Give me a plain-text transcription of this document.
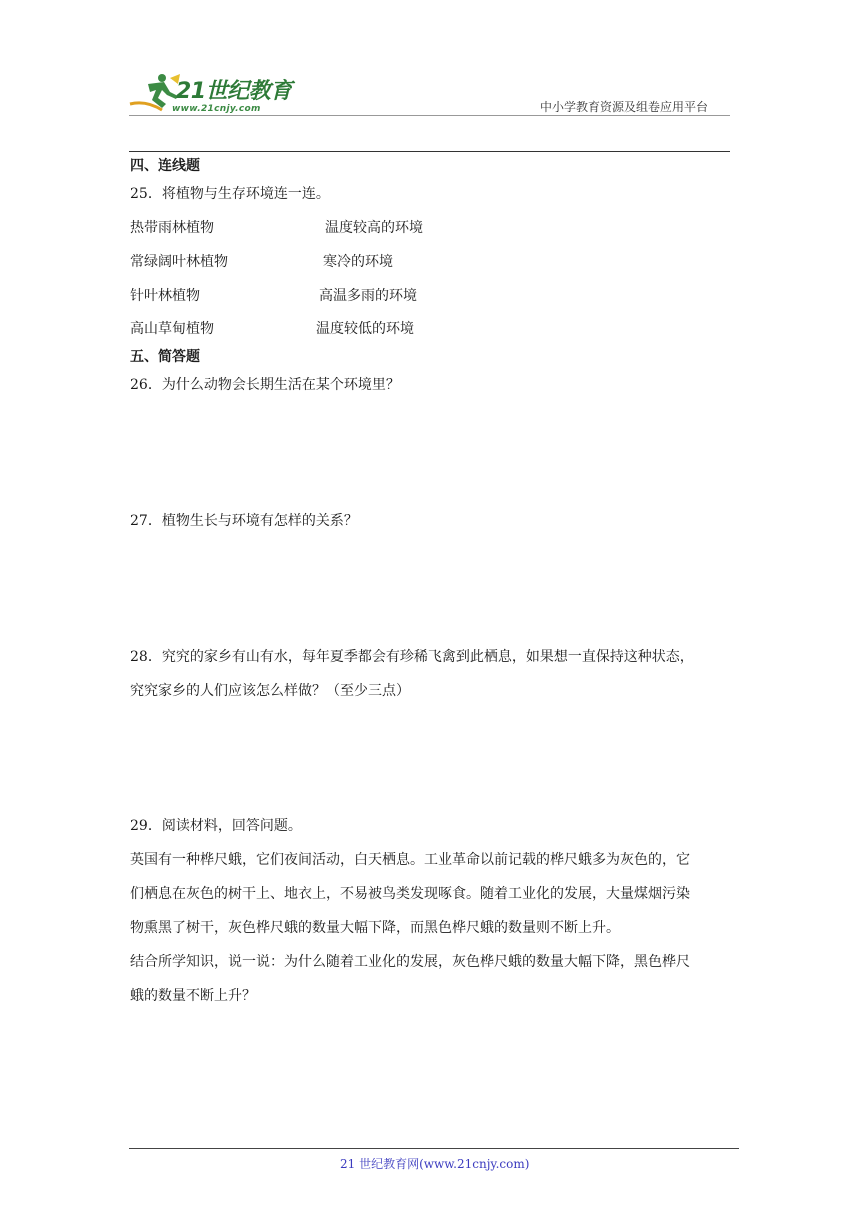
21世纪教育
www.21cnjy.com	中小学教育资源及组卷应用平台
四、连线题
25．将植物与生存环境连一连。
热带雨林植物
常绿阔叶林植物
针叶林植物
高山草甸植物
温度较高的环境
寒冷的环境
高温多雨的环境
温度较低的环境
五、简答题
26．为什么动物会长期生活在某个环境里？
27．植物生长与环境有怎样的关系？
28．究究的家乡有山有水，每年夏季都会有珍稀飞禽到此栖息，如果想一直保持这种状态，
究究家乡的人们应该怎么样做？（至少三点）
29．阅读材料，回答问题。
英国有一种桦尺蛾，它们夜间活动，白天栖息。工业革命以前记载的桦尺蛾多为灰色的，它
们栖息在灰色的树干上、地衣上，不易被鸟类发现啄食。随着工业化的发展，大量煤烟污染
物熏黑了树干，灰色桦尺蛾的数量大幅下降，而黑色桦尺蛾的数量则不断上升。
结合所学知识，说一说：为什么随着工业化的发展，灰色桦尺蛾的数量大幅下降，黑色桦尺
蛾的数量不断上升？
21 世纪教育网(www.21cnjy.com)
